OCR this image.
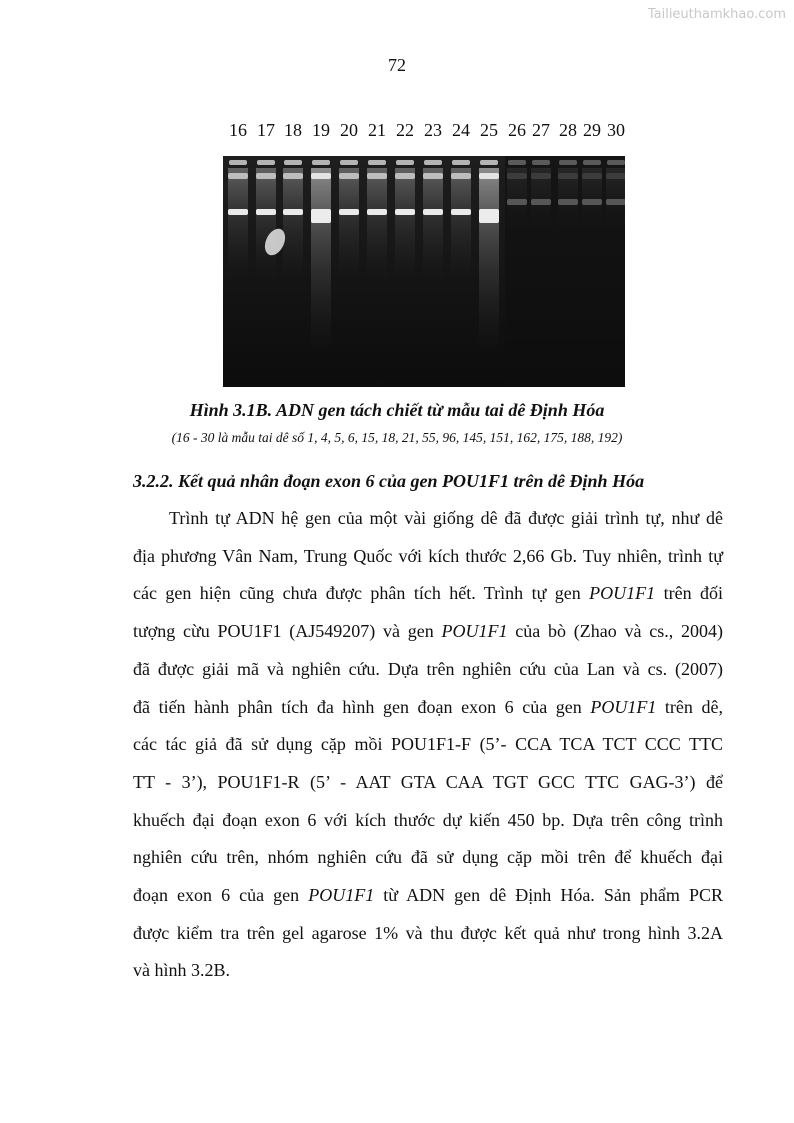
Tailieuthamkhao.com
72
16 17 18 19 20 21 22 23 24 25 26 27 28 29 30
Hình 3.1B. ADN gen tách chiết từ mẫu tai dê Định Hóa
(16 - 30 là mẫu tai dê số 1, 4, 5, 6, 15, 18, 21, 55, 96, 145, 151, 162, 175, 188, 192)
3.2.2. Kết quả nhân đoạn exon 6 của gen POU1F1 trên dê Định Hóa
Trình tự ADN hệ gen của một vài giống dê đã được giải trình tự, như dê
địa phương Vân Nam, Trung Quốc với kích thước 2,66 Gb. Tuy nhiên, trình tự
các gen hiện cũng chưa được phân tích hết. Trình tự gen POU1F1 trên đối
tượng cừu POU1F1 (AJ549207) và gen POU1F1 của bò (Zhao và cs., 2004)
đã được giải mã và nghiên cứu. Dựa trên nghiên cứu của Lan và cs. (2007)
đã tiến hành phân tích đa hình gen đoạn exon 6 của gen POU1F1 trên dê,
các tác giả đã sử dụng cặp mồi POU1F1-F (5’- CCA TCA TCT CCC TTC
TT - 3’), POU1F1-R (5’ - AAT GTA CAA TGT GCC TTC GAG-3’) để
khuếch đại đoạn exon 6 với kích thước dự kiến 450 bp. Dựa trên công trình
nghiên cứu trên, nhóm nghiên cứu đã sử dụng cặp mồi trên để khuếch đại
đoạn exon 6 của gen POU1F1 từ ADN gen dê Định Hóa. Sản phẩm PCR
được kiểm tra trên gel agarose 1% và thu được kết quả như trong hình 3.2A
và hình 3.2B.
